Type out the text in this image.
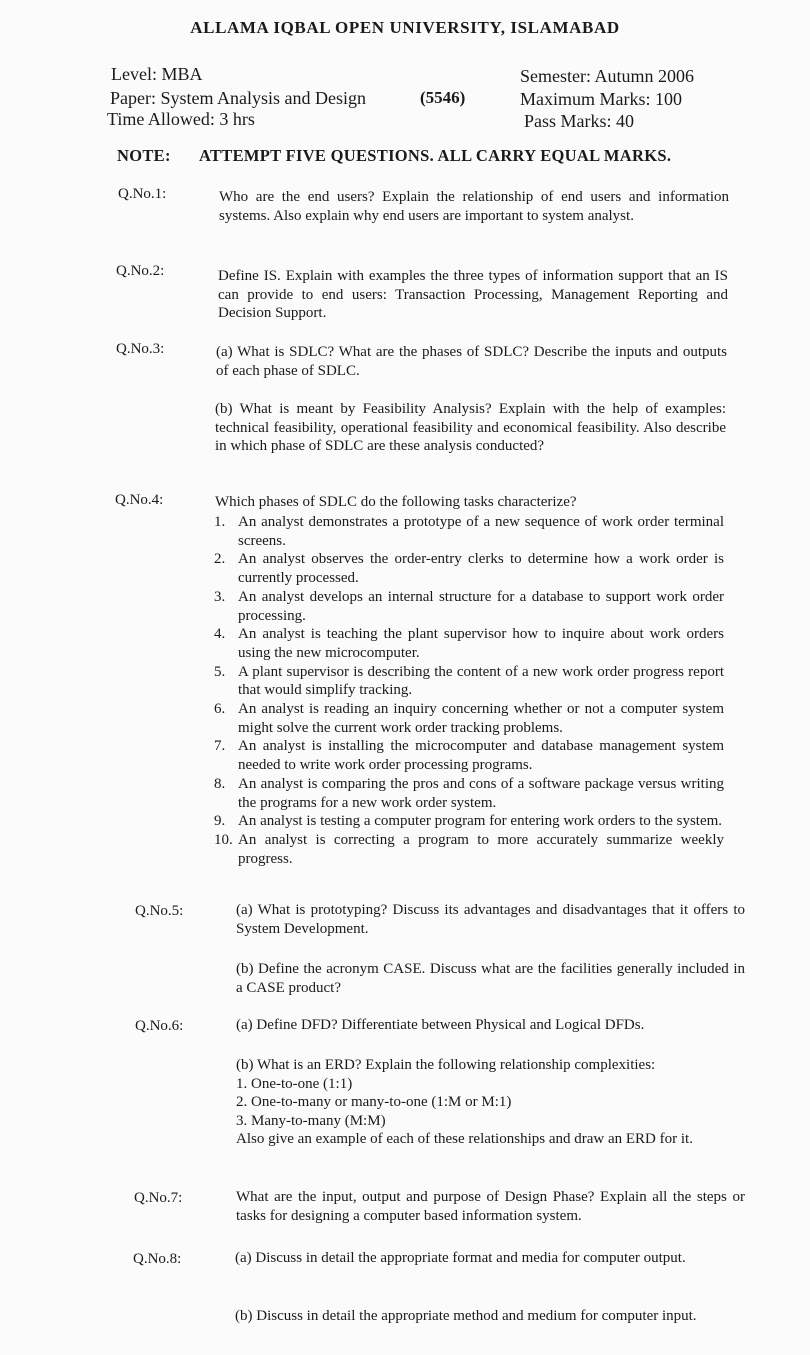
ALLAMA IQBAL OPEN UNIVERSITY, ISLAMABAD
Level: MBA
Paper: System Analysis and Design	(5546)
Time Allowed: 3 hrs
Semester: Autumn 2006
Maximum Marks: 100
Pass Marks: 40
NOTE: ATTEMPT FIVE QUESTIONS. ALL CARRY EQUAL MARKS.
Q.No.1:	Who are the end users? Explain the relationship of end users and information systems. Also explain why end users are important to system analyst.
Q.No.2:	Define IS. Explain with examples the three types of information support that an IS can provide to end users: Transaction Processing, Management Reporting and Decision Support.
Q.No.3:	(a) What is SDLC? What are the phases of SDLC? Describe the inputs and outputs of each phase of SDLC.
(b) What is meant by Feasibility Analysis? Explain with the help of examples: technical feasibility, operational feasibility and economical feasibility. Also describe in which phase of SDLC are these analysis conducted?
Q.No.4:	Which phases of SDLC do the following tasks characterize?
1. An analyst demonstrates a prototype of a new sequence of work order terminal screens.
2. An analyst observes the order-entry clerks to determine how a work order is currently processed.
3. An analyst develops an internal structure for a database to support work order processing.
4. An analyst is teaching the plant supervisor how to inquire about work orders using the new microcomputer.
5. A plant supervisor is describing the content of a new work order progress report that would simplify tracking.
6. An analyst is reading an inquiry concerning whether or not a computer system might solve the current work order tracking problems.
7. An analyst is installing the microcomputer and database management system needed to write work order processing programs.
8. An analyst is comparing the pros and cons of a software package versus writing the programs for a new work order system.
9. An analyst is testing a computer program for entering work orders to the system.
10. An analyst is correcting a program to more accurately summarize weekly progress.
Q.No.5:	(a) What is prototyping? Discuss its advantages and disadvantages that it offers to System Development.
(b) Define the acronym CASE. Discuss what are the facilities generally included in a CASE product?
Q.No.6:	(a) Define DFD? Differentiate between Physical and Logical DFDs.
(b) What is an ERD? Explain the following relationship complexities:
1. One-to-one (1:1)
2. One-to-many or many-to-one (1:M or M:1)
3. Many-to-many (M:M)
Also give an example of each of these relationships and draw an ERD for it.
Q.No.7:	What are the input, output and purpose of Design Phase? Explain all the steps or tasks for designing a computer based information system.
Q.No.8:	(a) Discuss in detail the appropriate format and media for computer output.
(b) Discuss in detail the appropriate method and medium for computer input.
